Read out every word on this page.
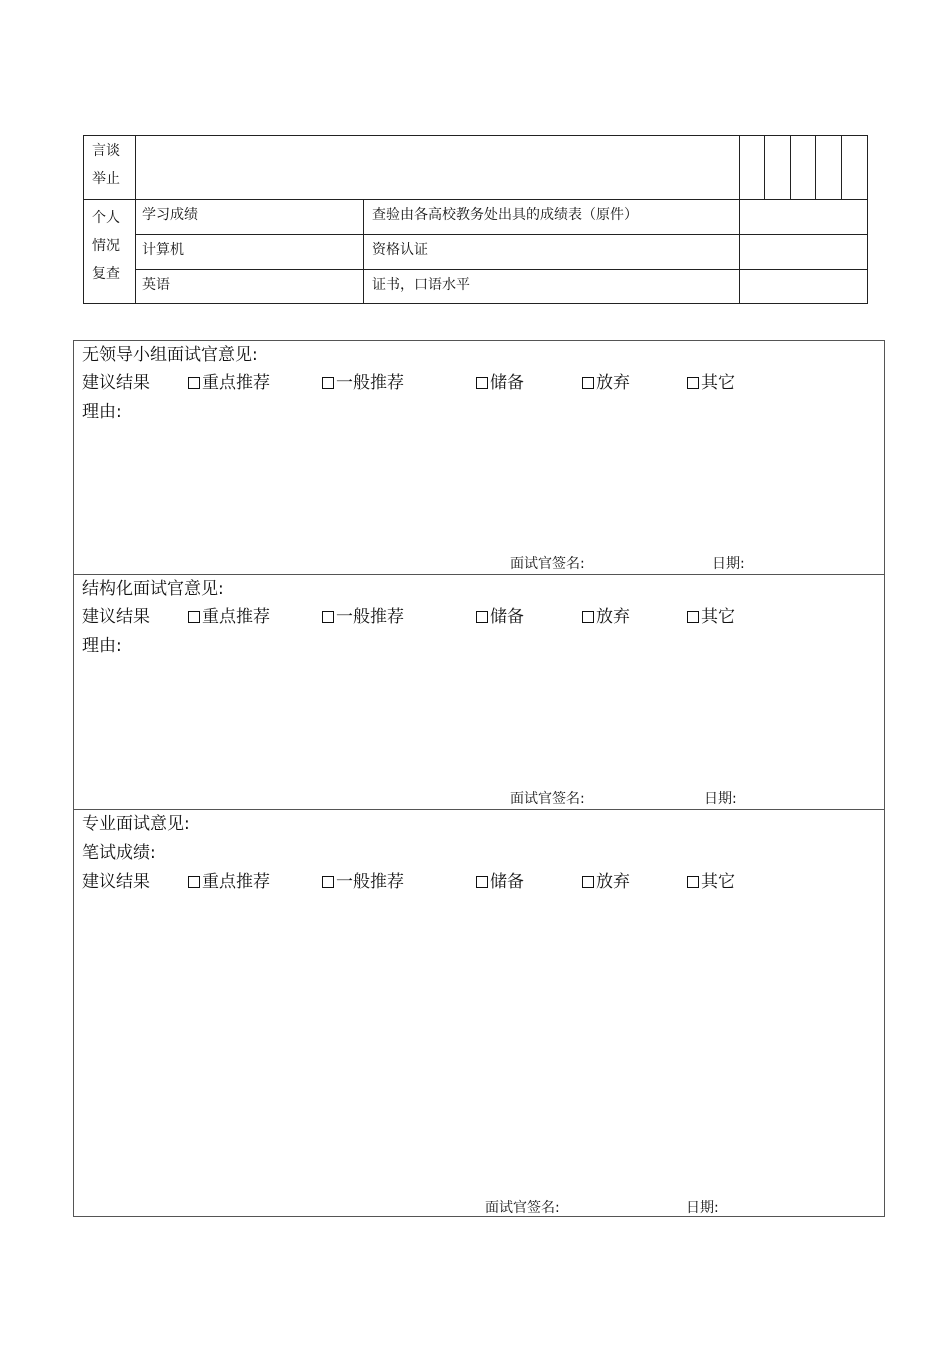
言谈举止
个人情况复查
学习成绩	查验由各高校教务处出具的成绩表（原件）
计算机	资格认证
英语	证书，口语水平
无领导小组面试官意见:
建议结果	重点推荐	一般推荐	储备	放弃	其它
理由:
面试官签名:	日期:
结构化面试官意见:
建议结果	重点推荐	一般推荐	储备	放弃	其它
理由:
面试官签名:	日期:
专业面试意见:
笔试成绩:
建议结果	重点推荐	一般推荐	储备	放弃	其它
面试官签名:	日期:
